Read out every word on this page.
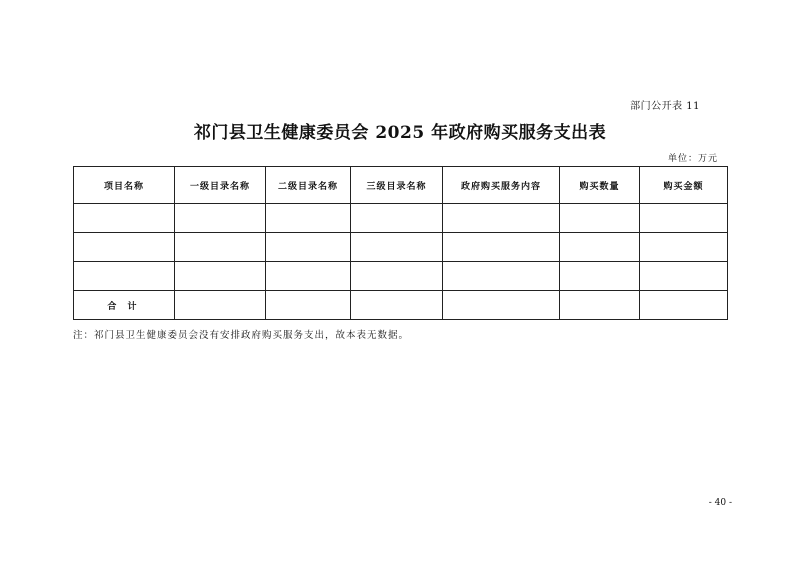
部门公开表 11
祁门县卫生健康委员会 2025 年政府购买服务支出表
单位：万元
项目名称	一级目录名称	二级目录名称	三级目录名称	政府购买服务内容	购买数量	购买金额

合 计						
注：祁门县卫生健康委员会没有安排政府购买服务支出，故本表无数据。
- 40 -
